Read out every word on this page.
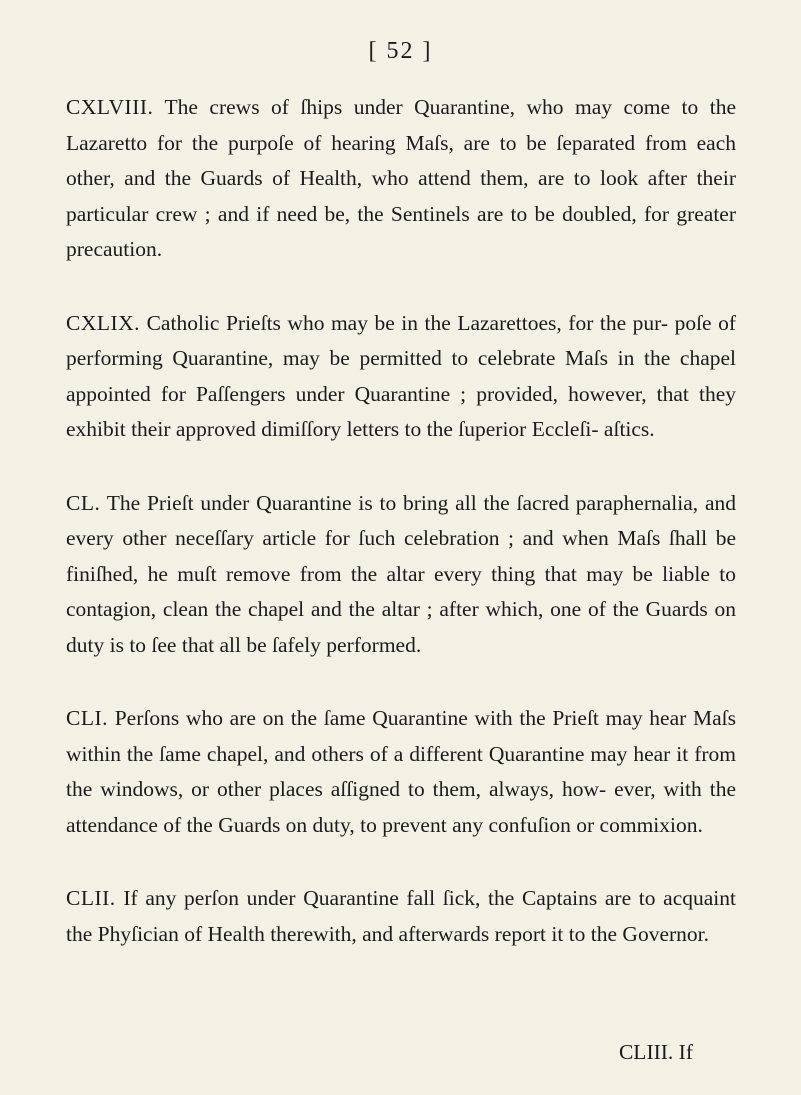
[ 52 ]

CXLVIII. The crews of ſhips under Quarantine, who may come to the Lazaretto for the purpoſe of hearing Maſs, are to be ſeparated from each other, and the Guards of Health, who attend them, are to look after their particular crew ; and if need be, the Sentinels are to be doubled, for greater precaution.

CXLIX. Catholic Prieſts who may be in the Lazarettoes, for the pur- poſe of performing Quarantine, may be permitted to celebrate Maſs in the chapel appointed for Paſſengers under Quarantine ; provided, however, that they exhibit their approved dimiſſory letters to the ſuperior Eccleſi- aſtics.

CL. The Prieſt under Quarantine is to bring all the ſacred paraphernalia, and every other neceſſary article for ſuch celebration ; and when Maſs ſhall be finiſhed, he muſt remove from the altar every thing that may be liable to contagion, clean the chapel and the altar ; after which, one of the Guards on duty is to ſee that all be ſafely performed.

CLI. Perſons who are on the ſame Quarantine with the Prieſt may hear Maſs within the ſame chapel, and others of a different Quarantine may hear it from the windows, or other places aſſigned to them, always, how- ever, with the attendance of the Guards on duty, to prevent any confuſion or commixion.

CLII. If any perſon under Quarantine fall ſick, the Captains are to acquaint the Phyſician of Health therewith, and afterwards report it to the Governor.

CLIII. If
